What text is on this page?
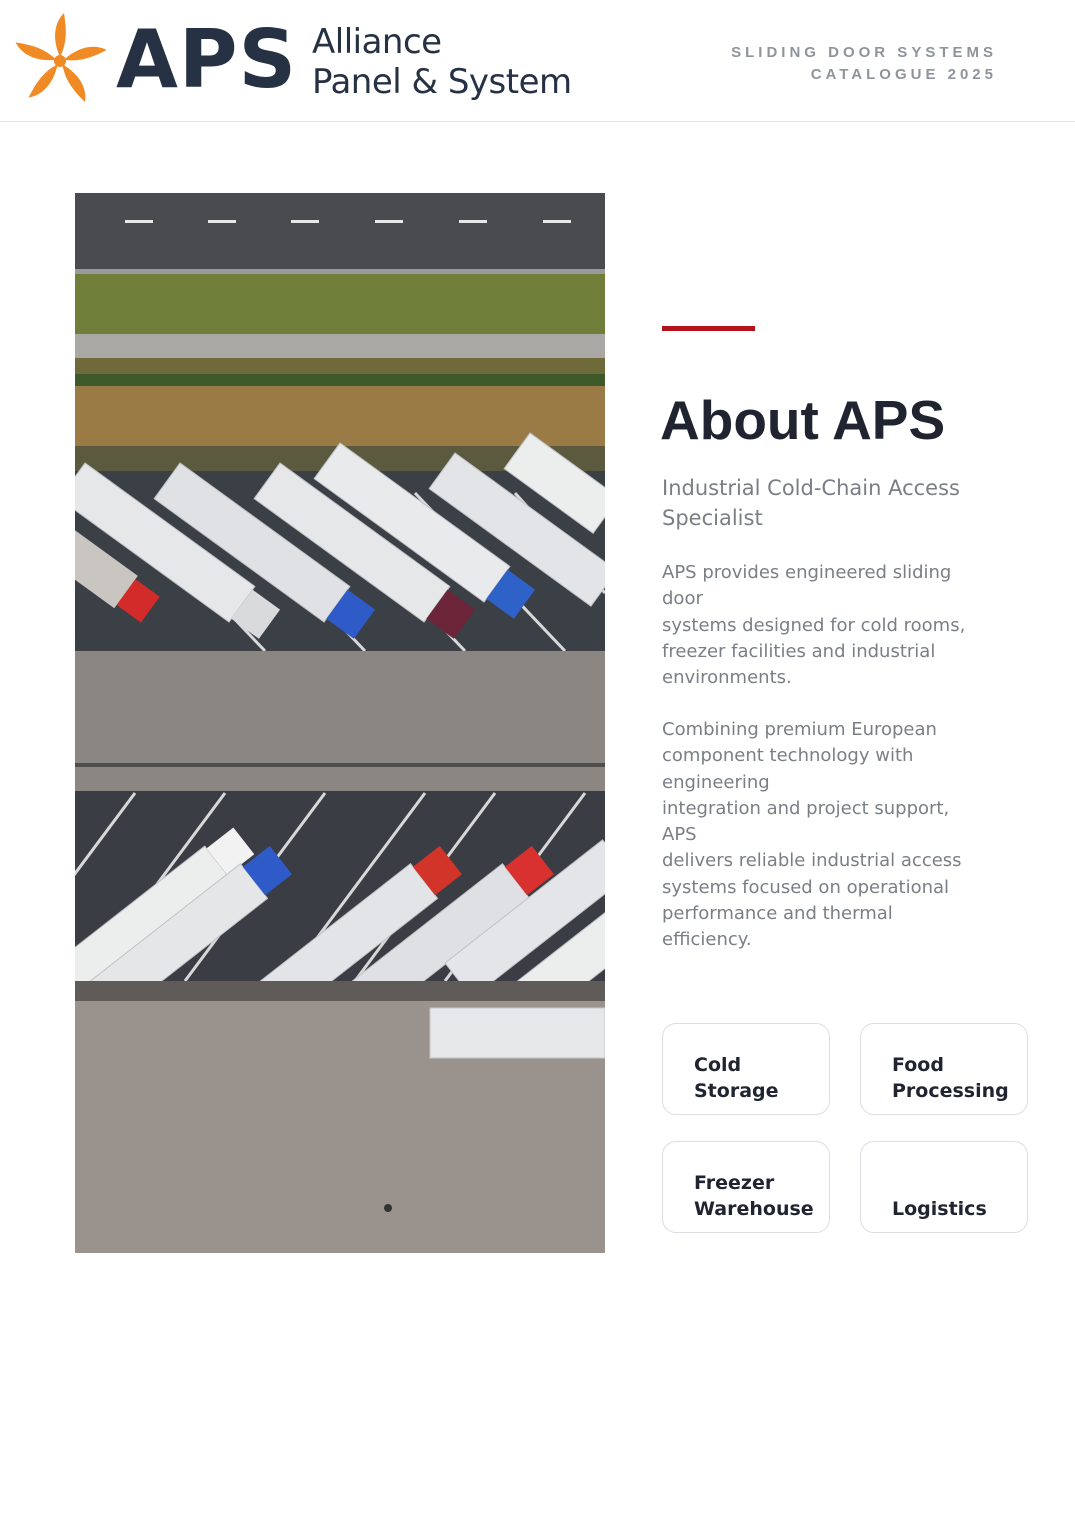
APS Alliance
Panel & System
SLIDING DOOR SYSTEMS
CATALOGUE 2025
About APS
Industrial Cold-Chain Access Specialist
APS provides engineered sliding
door
systems designed for cold rooms,
freezer facilities and industrial
environments.
Combining premium European
component technology with
engineering
integration and project support,
APS
delivers reliable industrial access
systems focused on operational
performance and thermal
efficiency.
Cold
Storage
Food
Processing
Freezer
Warehouse	Logistics
